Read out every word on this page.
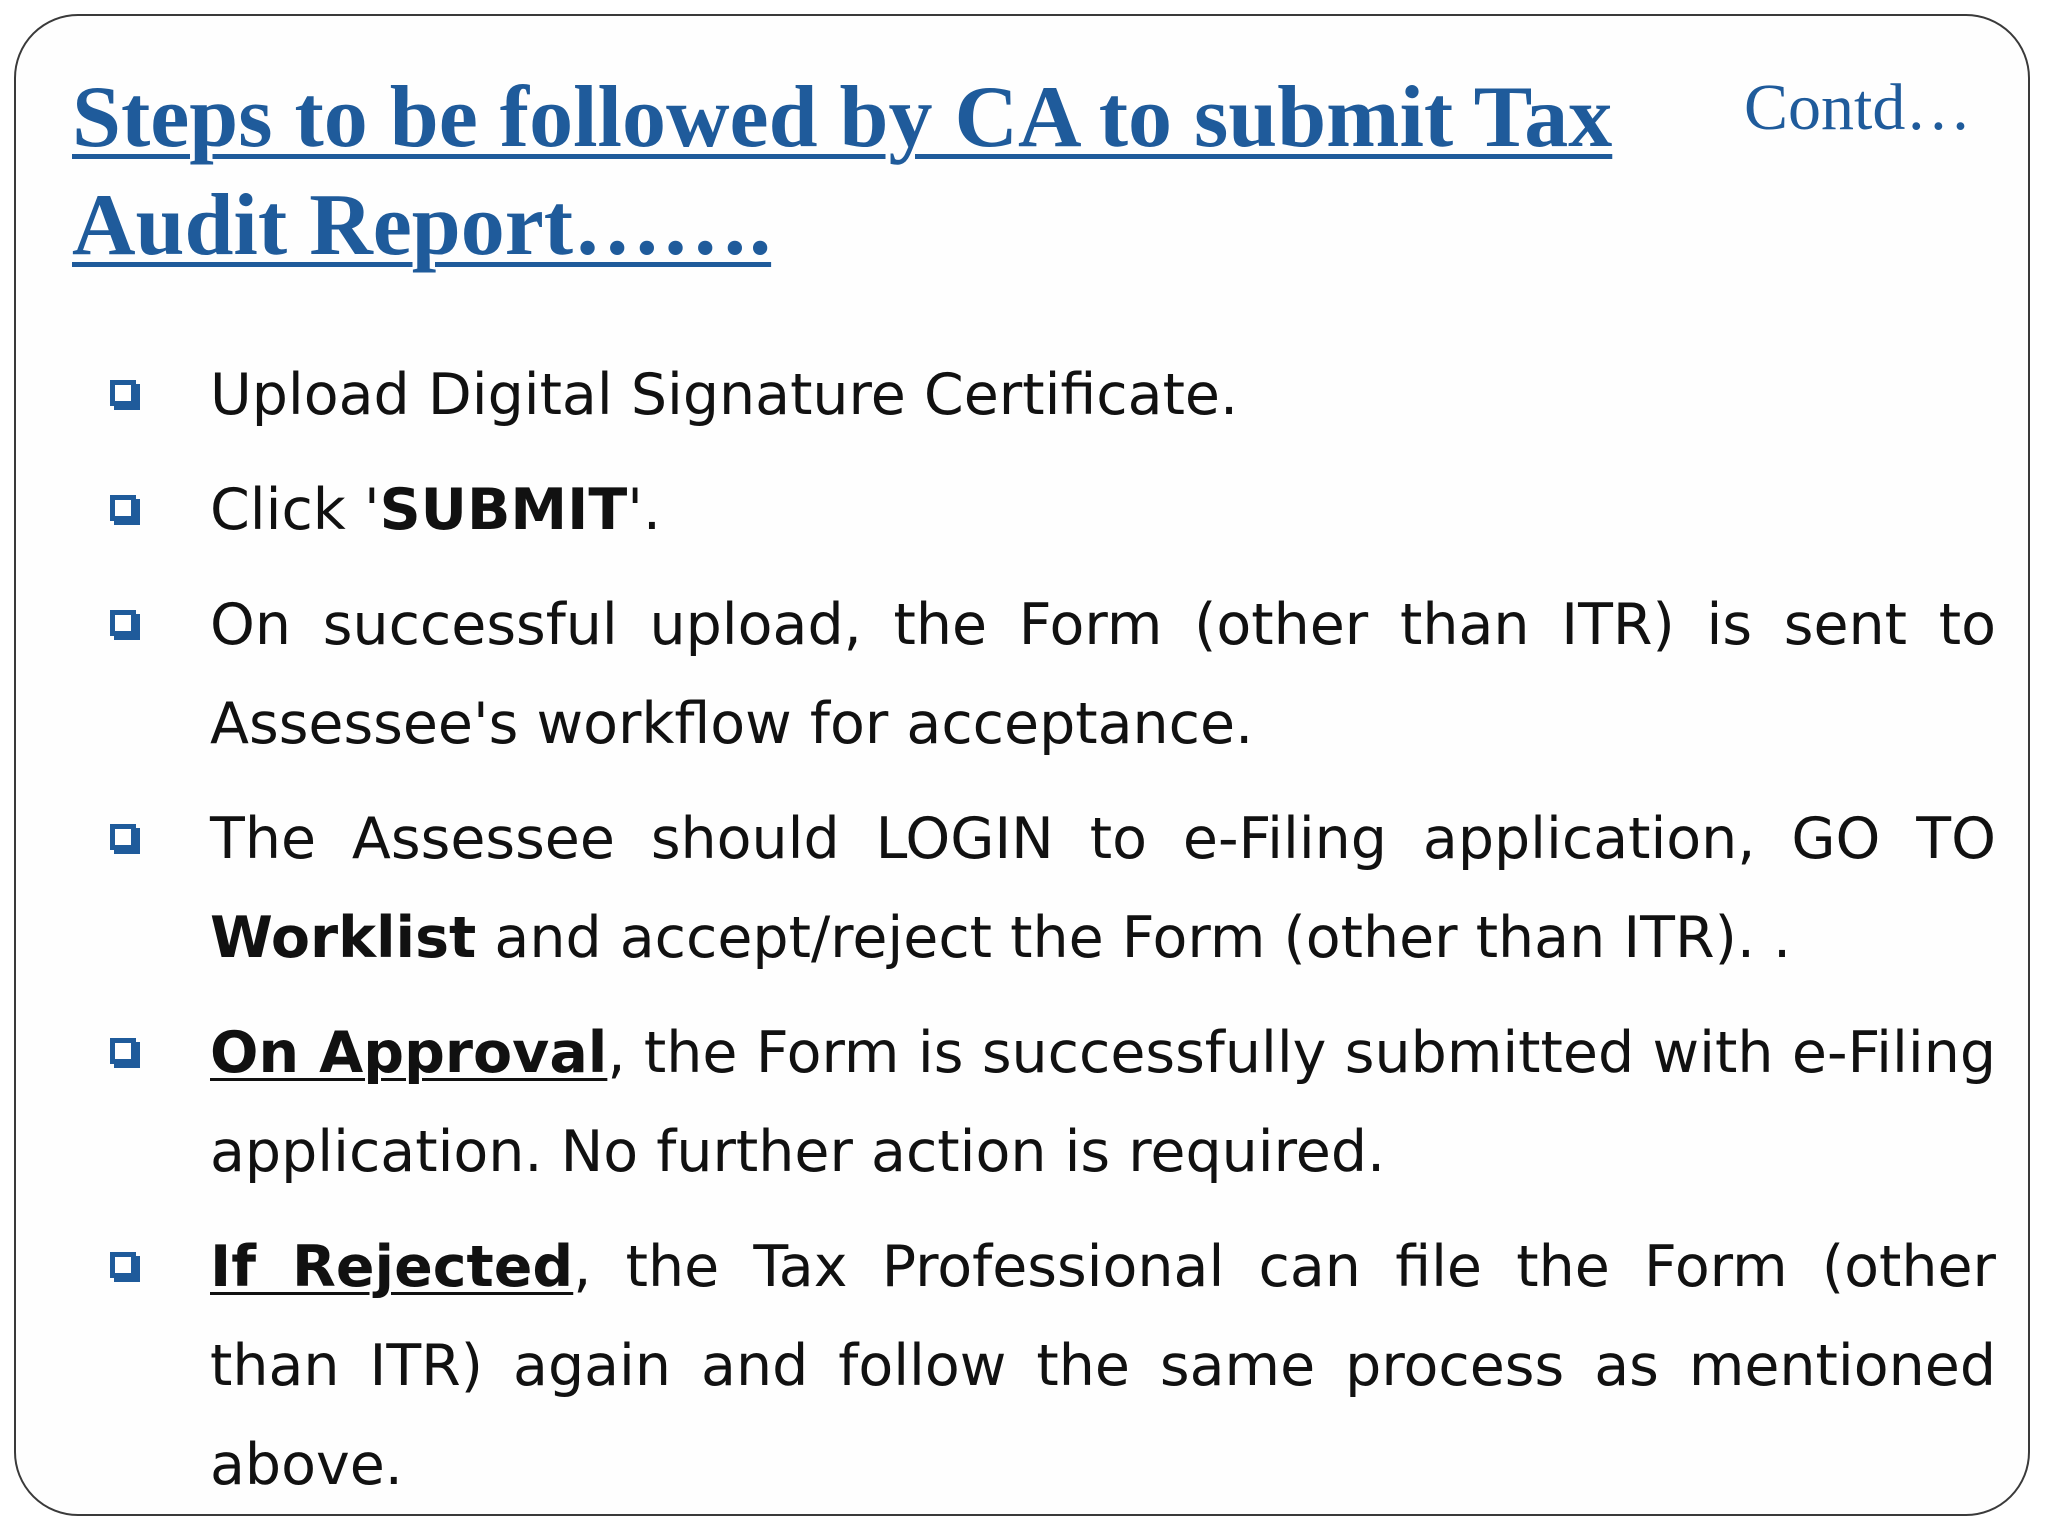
Steps to be followed by CA to submit Tax Audit Report…….
Contd…
Upload Digital Signature Certificate.
Click 'SUBMIT'.
On successful upload, the Form (other than ITR) is sent to Assessee's workflow for acceptance.
The Assessee should LOGIN to e-Filing application, GO TO Worklist and accept/reject the Form (other than ITR). .
On Approval, the Form is successfully submitted with e-Filing application. No further action is required.
If Rejected, the Tax Professional can file the Form (other than ITR) again and follow the same process as mentioned above.
